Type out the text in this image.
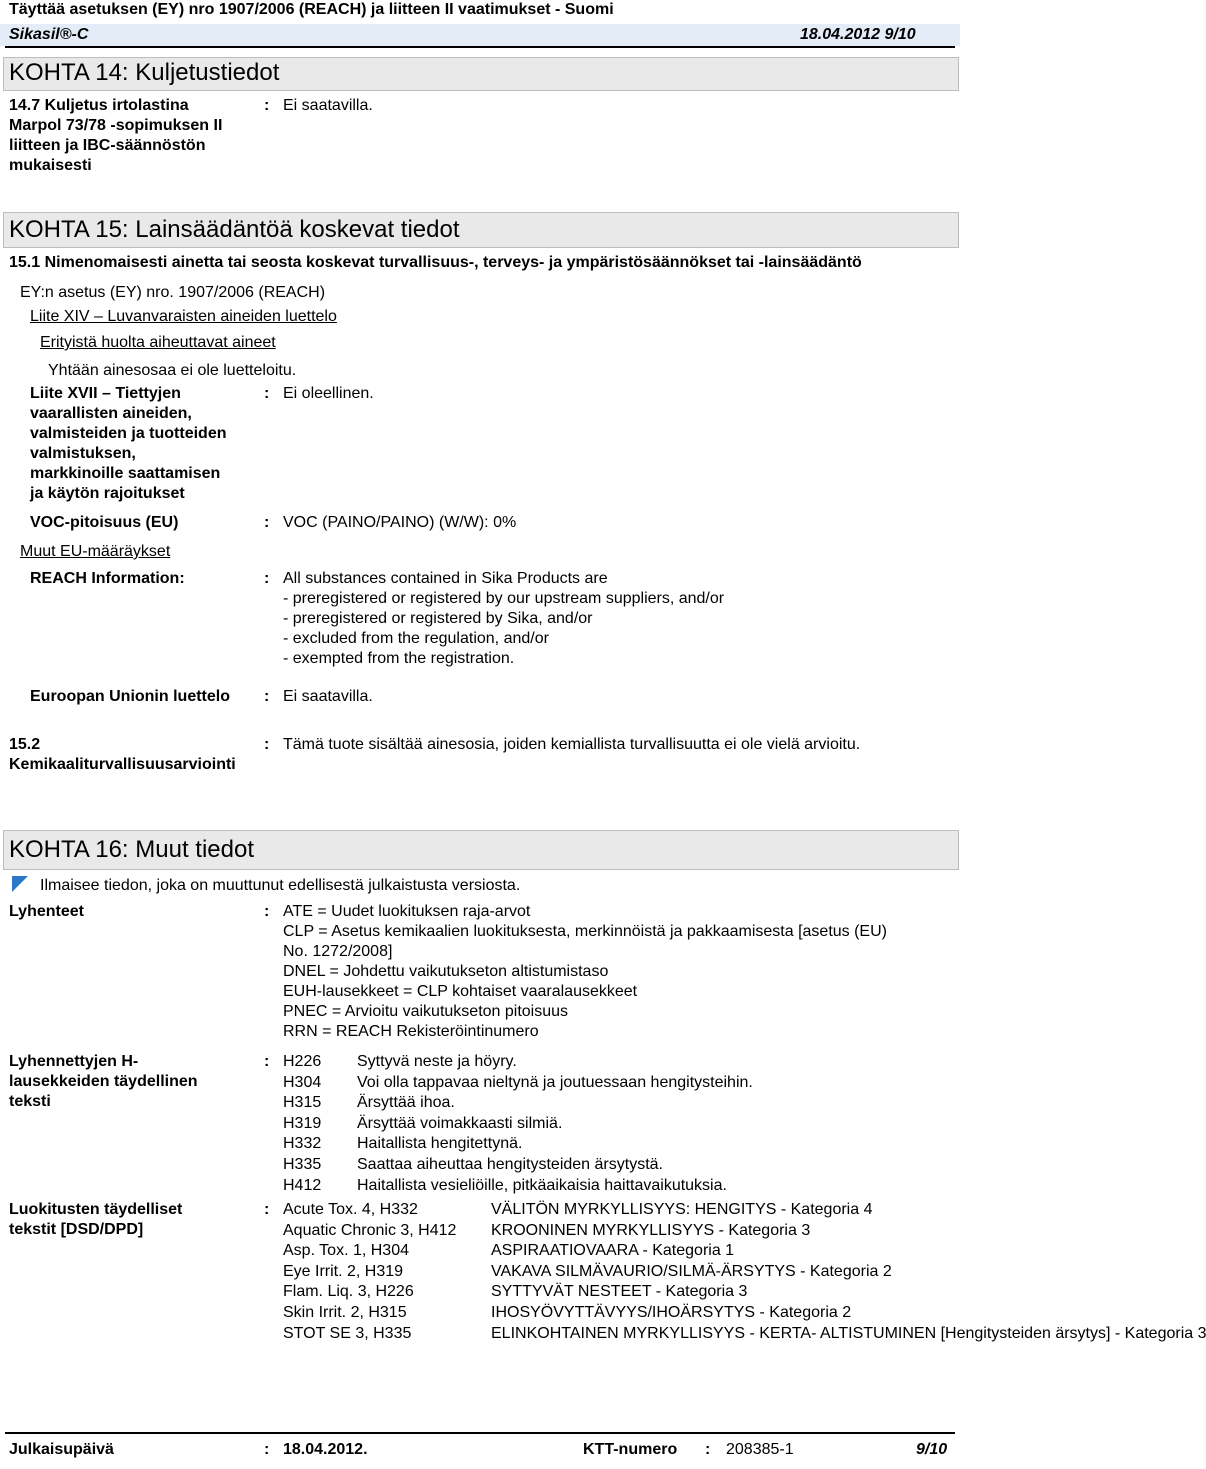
Täyttää asetuksen (EY) nro 1907/2006 (REACH) ja liitteen II vaatimukset - Suomi
Sikasil®-C	18.04.2012 9/10
KOHTA 14: Kuljetustiedot
14.7 Kuljetus irtolastina
Marpol 73/78 -sopimuksen II
liitteen ja IBC-säännöstön
mukaisesti
: Ei saatavilla.
KOHTA 15: Lainsäädäntöä koskevat tiedot
15.1 Nimenomaisesti ainetta tai seosta koskevat turvallisuus-, terveys- ja ympäristösäännökset tai -lainsäädäntö
EY:n asetus (EY) nro. 1907/2006 (REACH)
Liite XIV – Luvanvaraisten aineiden luettelo
Erityistä huolta aiheuttavat aineet
Yhtään ainesosaa ei ole luetteloitu.
Liite XVII – Tiettyjen
vaarallisten aineiden,
valmisteiden ja tuotteiden
valmistuksen,
markkinoille saattamisen
ja käytön rajoitukset
: Ei oleellinen.
VOC-pitoisuus (EU)	: VOC (PAINO/PAINO) (W/W): 0%
Muut EU-määräykset
REACH Information:	: All substances contained in Sika Products are
- preregistered or registered by our upstream suppliers, and/or
- preregistered or registered by Sika, and/or
- excluded from the regulation, and/or
- exempted from the registration.
Euroopan Unionin luettelo : Ei saatavilla.
15.2
Kemikaaliturvallisuusarviointi
: Tämä tuote sisältää ainesosia, joiden kemiallista turvallisuutta ei ole vielä arvioitu.
KOHTA 16: Muut tiedot
Ilmaisee tiedon, joka on muuttunut edellisestä julkaistusta versiosta.
Lyhenteet	: ATE = Uudet luokituksen raja-arvot
CLP = Asetus kemikaalien luokituksesta, merkinnöistä ja pakkaamisesta [asetus (EU)
No. 1272/2008]
DNEL = Johdettu vaikutukseton altistumistaso
EUH-lausekkeet = CLP kohtaiset vaaralausekkeet
PNEC = Arvioitu vaikutukseton pitoisuus
RRN = REACH Rekisteröintinumero
Lyhennettyjen H-
lausekkeiden täydellinen
teksti
: H226 Syttyvä neste ja höyry.
H304 Voi olla tappavaa nieltynä ja joutuessaan hengitysteihin.
H315 Ärsyttää ihoa.
H319 Ärsyttää voimakkaasti silmiä.
H332 Haitallista hengitettynä.
H335 Saattaa aiheuttaa hengitysteiden ärsytystä.
H412 Haitallista vesieliöille, pitkäaikaisia haittavaikutuksia.
Luokitusten täydelliset
tekstit [DSD/DPD]
: Acute Tox. 4, H332	VÄLITÖN MYRKYLLISYYS: HENGITYS - Kategoria 4
Aquatic Chronic 3, H412 KROONINEN MYRKYLLISYYS - Kategoria 3
Asp. Tox. 1, H304	ASPIRAATIOVAARA - Kategoria 1
Eye Irrit. 2, H319	VAKAVA SILMÄVAURIO/SILMÄ-ÄRSYTYS - Kategoria 2
Flam. Liq. 3, H226	SYTTYVÄT NESTEET - Kategoria 3
Skin Irrit. 2, H315	IHOSYÖVYTTÄVYYS/IHOÄRSYTYS - Kategoria 2
STOT SE 3, H335	ELINKOHTAINEN MYRKYLLISYYS - KERTA- ALTISTUMINEN [Hengitysteiden ärsytys] - Kategoria 3
Julkaisupäivä	: 18.04.2012.	KTT-numero : 208385-1	9/10
